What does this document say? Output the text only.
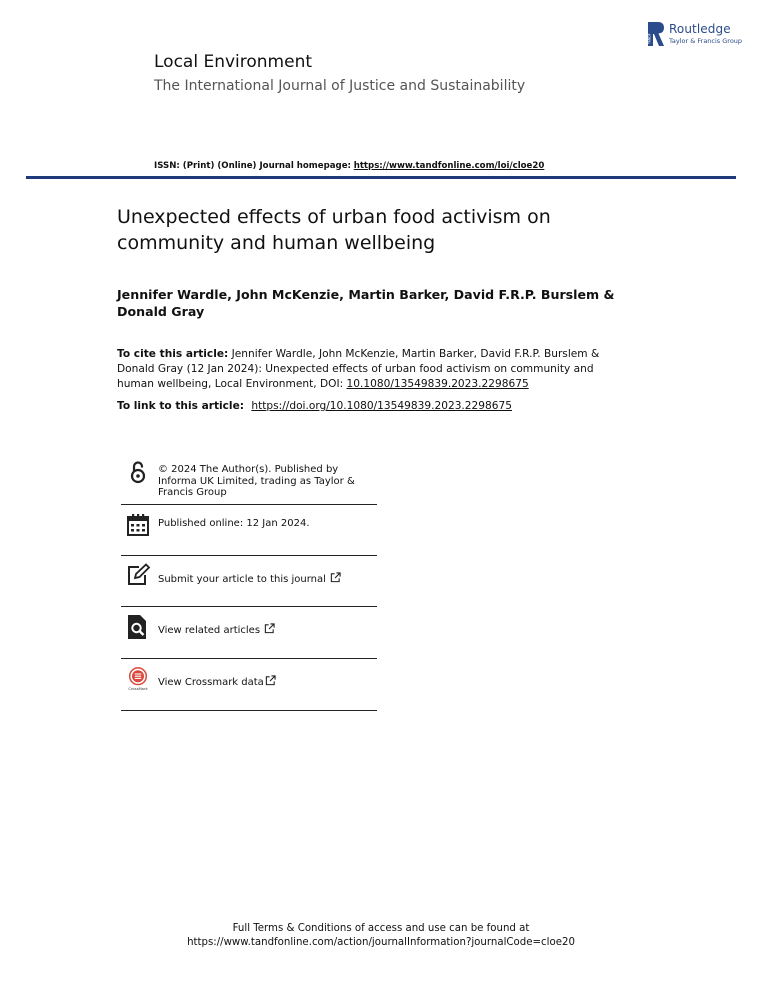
TANDF
Routledge
Taylor & Francis Group
Local Environment
The International Journal of Justice and Sustainability
ISSN: (Print) (Online) Journal homepage: https://www.tandfonline.com/loi/cloe20
Unexpected effects of urban food activism on community and human wellbeing
Jennifer Wardle, John McKenzie, Martin Barker, David F.R.P. Burslem & Donald Gray
To cite this article: Jennifer Wardle, John McKenzie, Martin Barker, David F.R.P. Burslem & Donald Gray (12 Jan 2024): Unexpected effects of urban food activism on community and human wellbeing, Local Environment, DOI: 10.1080/13549839.2023.2298675
To link to this article: https://doi.org/10.1080/13549839.2023.2298675
© 2024 The Author(s). Published by Informa UK Limited, trading as Taylor & Francis Group
Published online: 12 Jan 2024.
Submit your article to this journal
View related articles
CrossMark
View Crossmark data
Full Terms & Conditions of access and use can be found at
https://www.tandfonline.com/action/journalInformation?journalCode=cloe20
